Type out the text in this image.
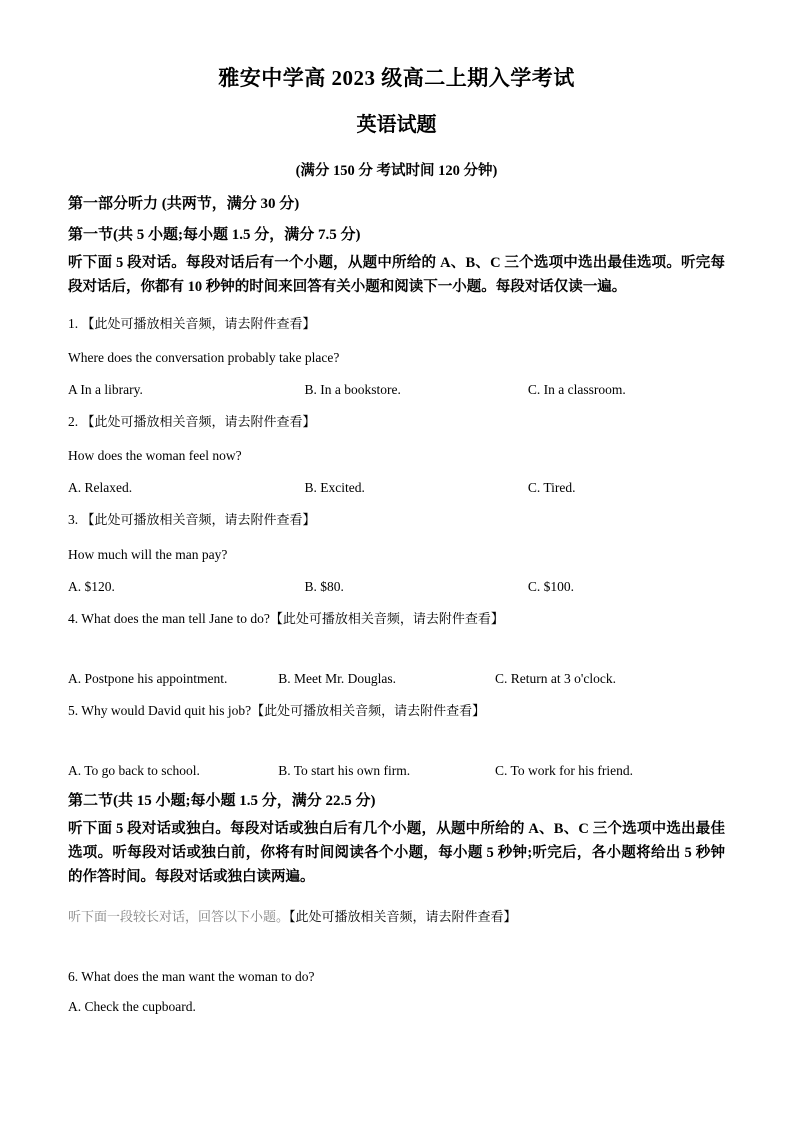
雅安中学高 2023 级高二上期入学考试
英语试题
(满分 150 分 考试时间 120 分钟)
第一部分听力 (共两节，满分 30 分)
第一节(共 5 小题;每小题 1.5 分，满分 7.5 分)
听下面 5 段对话。每段对话后有一个小题，从题中所给的 A、B、C 三个选项中选出最佳选项。听完每段对话后，你都有 10 秒钟的时间来回答有关小题和阅读下一小题。每段对话仅读一遍。
1. 【此处可播放相关音频，请去附件查看】
Where does the conversation probably take place?
A In a library.	B. In a bookstore.	C. In a classroom.
2. 【此处可播放相关音频，请去附件查看】
How does the woman feel now?
A. Relaxed.	B. Excited.	C. Tired.
3. 【此处可播放相关音频，请去附件查看】
How much will the man pay?
A. $120.	B. $80.	C. $100.
4. What does the man tell Jane to do?【此处可播放相关音频，请去附件查看】
A. Postpone his appointment.	B. Meet Mr. Douglas.	C. Return at 3 o'clock.
5. Why would David quit his job?【此处可播放相关音频，请去附件查看】
A. To go back to school.	B. To start his own firm.	C. To work for his friend.
第二节(共 15 小题;每小题 1.5 分，满分 22.5 分)
听下面 5 段对话或独白。每段对话或独白后有几个小题，从题中所给的 A、B、C 三个选项中选出最佳选项。听每段对话或独白前，你将有时间阅读各个小题，每小题 5 秒钟;听完后，各小题将给出 5 秒钟的作答时间。每段对话或独白读两遍。
听下面一段较长对话，回答以下小题。【此处可播放相关音频，请去附件查看】
6. What does the man want the woman to do?
A. Check the cupboard.
